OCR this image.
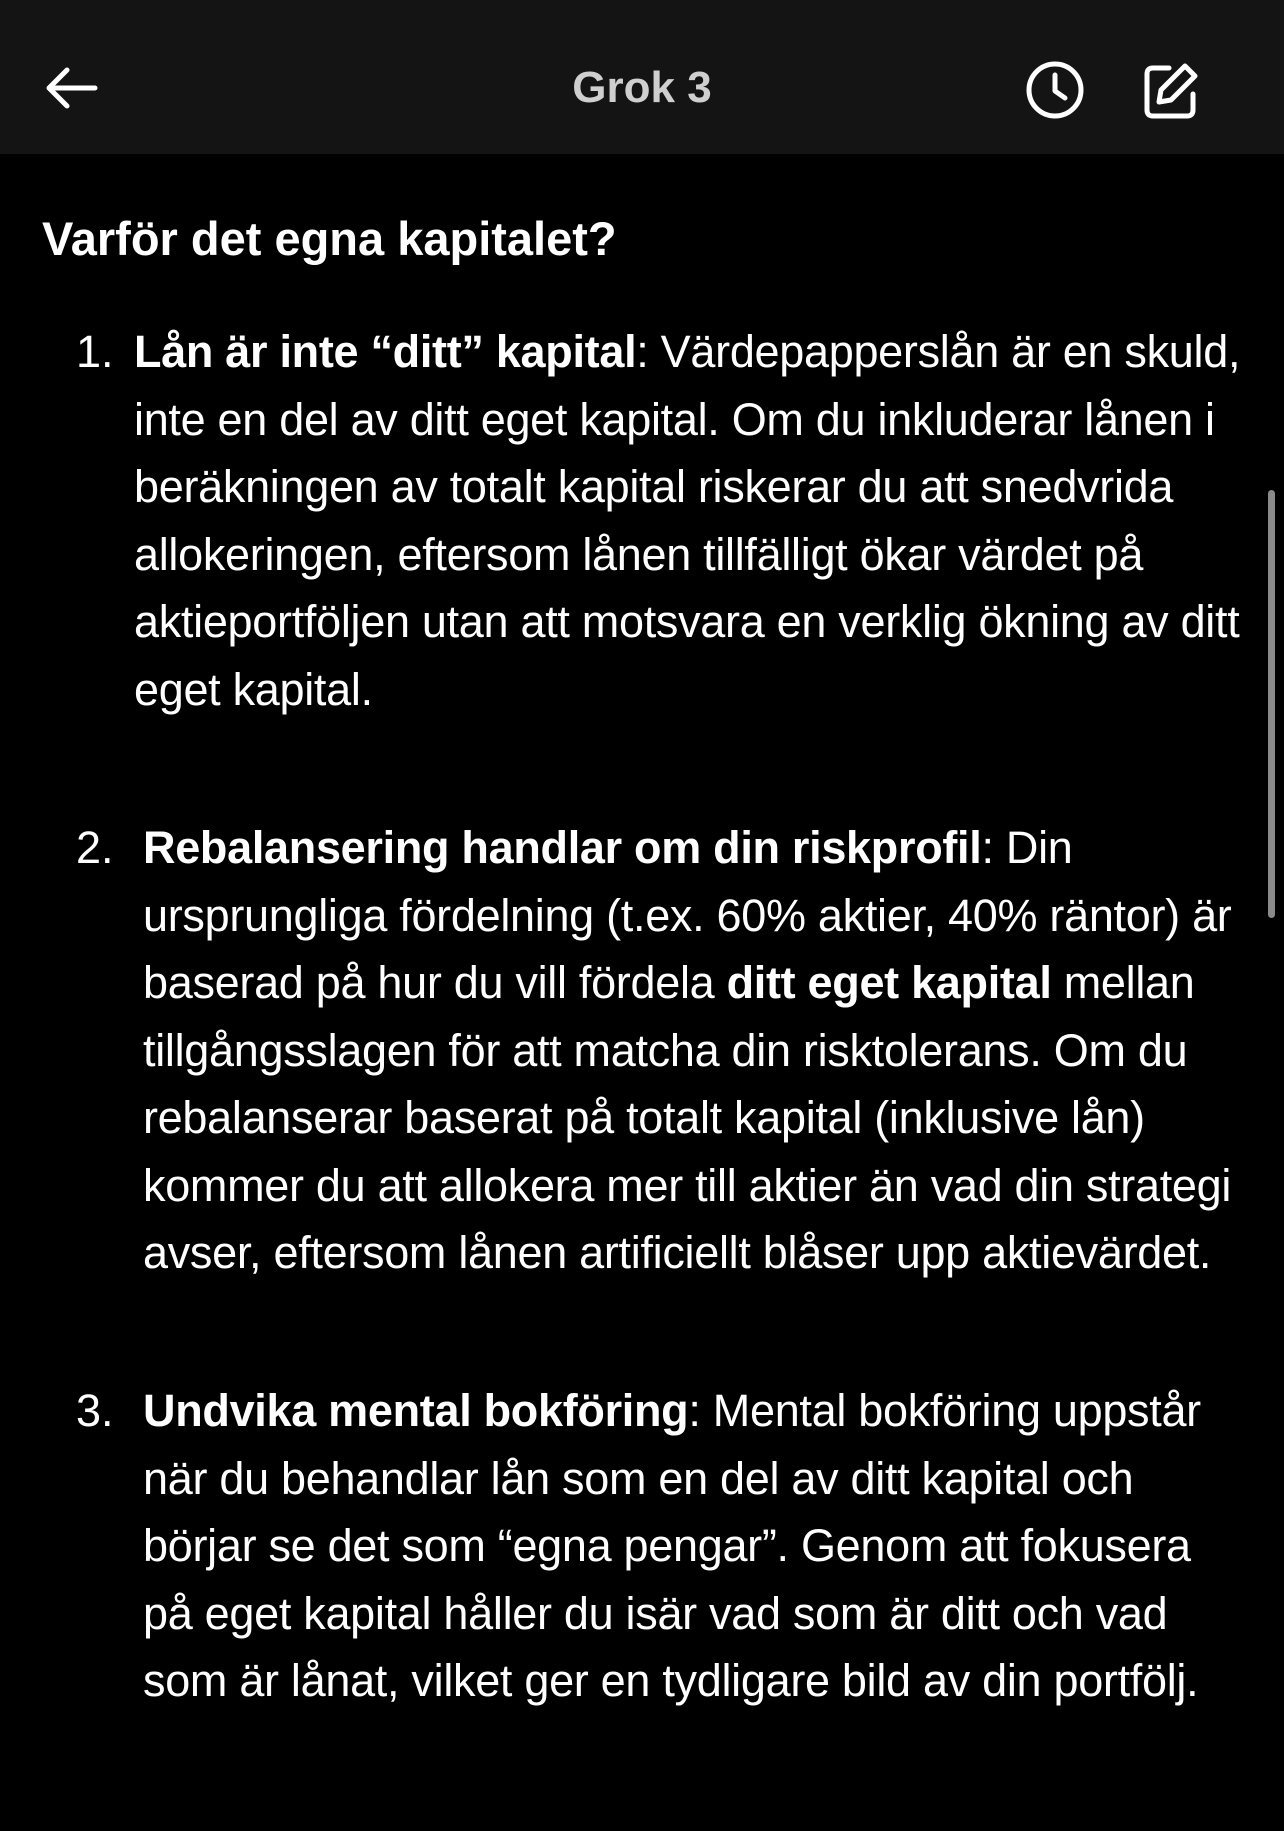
Grok 3
Varför det egna kapitalet?
1. Lån är inte “ditt” kapital: Värdepapperslån är en skuld, inte en del av ditt eget kapital. Om du inkluderar lånen i beräkningen av totalt kapital riskerar du att snedvrida allokeringen, eftersom lånen tillfälligt ökar värdet på aktieportföljen utan att motsvara en verklig ökning av ditt eget kapital.
2. Rebalansering handlar om din riskprofil: Din ursprungliga fördelning (t.ex. 60% aktier, 40% räntor) är baserad på hur du vill fördela ditt eget kapital mellan tillgångsslagen för att matcha din risktolerans. Om du rebalanserar baserat på totalt kapital (inklusive lån) kommer du att allokera mer till aktier än vad din strategi avser, eftersom lånen artificiellt blåser upp aktievärdet.
3. Undvika mental bokföring: Mental bokföring uppstår när du behandlar lån som en del av ditt kapital och börjar se det som “egna pengar”. Genom att fokusera på eget kapital håller du isär vad som är ditt och vad som är lånat, vilket ger en tydligare bild av din portfölj.
